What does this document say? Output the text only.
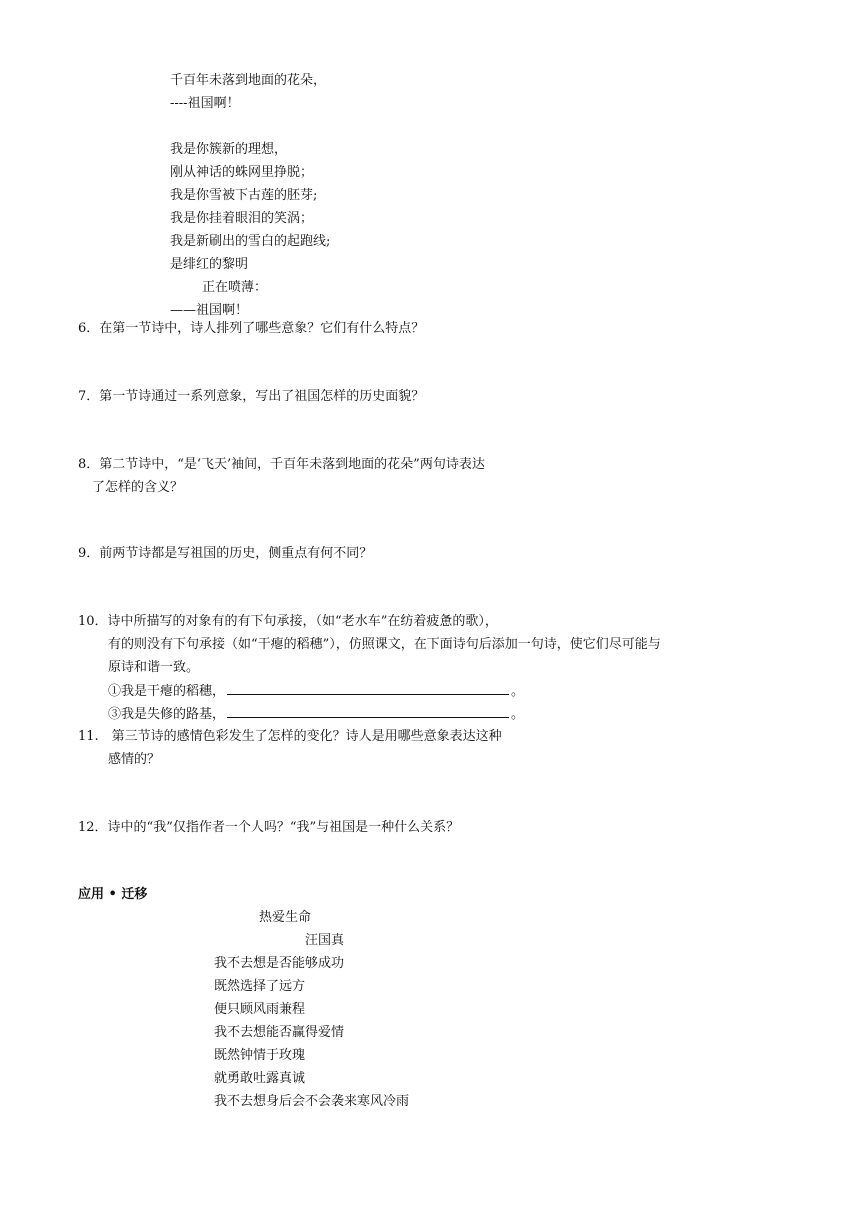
千百年未落到地面的花朵，
----祖国啊！
我是你簇新的理想，
刚从神话的蛛网里挣脱；
我是你雪被下古莲的胚芽;
我是你挂着眼泪的笑涡；
我是新刷出的雪白的起跑线;
是绯红的黎明
正在喷薄：
——祖国啊！
6．在第一节诗中，诗人排列了哪些意象？它们有什么特点？
7．第一节诗通过一系列意象，写出了祖国怎样的历史面貌？
8．第二节诗中，“是‘飞天’袖间，千百年未落到地面的花朵”两句诗表达
了怎样的含义？
9．前两节诗都是写祖国的历史，侧重点有何不同？
10．诗中所描写的对象有的有下句承接，（如“老水车”在纺着疲惫的歌），
有的则没有下句承接（如“干瘪的稻穗”），仿照课文，在下面诗句后添加一句诗，使它们尽可能与
原诗和谐一致。
①我是干瘪的稻穗，	。
③我是失修的路基，	。
11.　第三节诗的感情色彩发生了怎样的变化？诗人是用哪些意象表达这种
感情的？
12．诗中的“我”仅指作者一个人吗？“我”与祖国是一种什么关系？
应用 • 迁移
热爱生命
汪国真
我不去想是否能够成功
既然选择了远方
便只顾风雨兼程
我不去想能否赢得爱情
既然钟情于玫瑰
就勇敢吐露真诚
我不去想身后会不会袭来寒风冷雨
